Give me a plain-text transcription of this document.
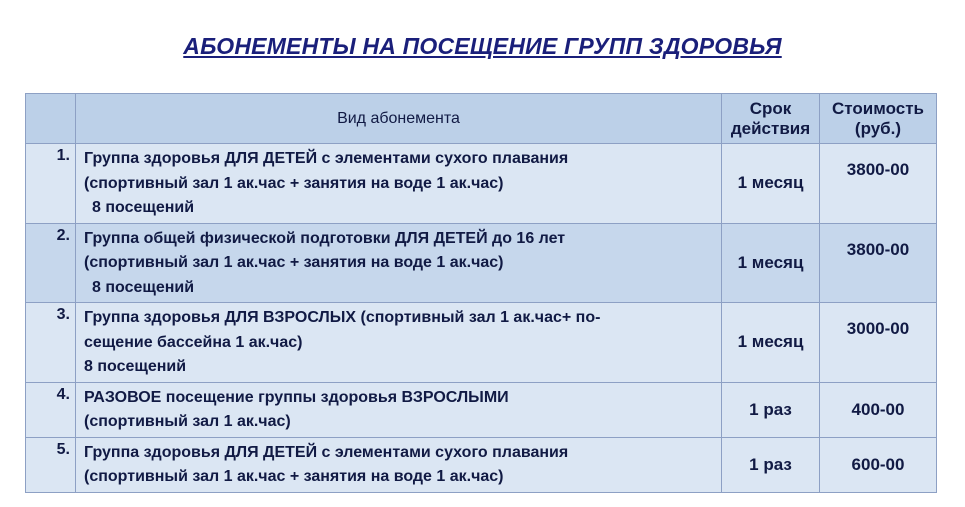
АБОНЕМЕНТЫ НА ПОСЕЩЕНИЕ ГРУПП ЗДОРОВЬЯ
	Вид абонемента	Срок действия	Стоимость (руб.)
1.	Группа здоровья ДЛЯ ДЕТЕЙ с элементами сухого плавания
(спортивный зал 1 ак.час + занятия на воде 1 ак.час)
8 посещений	1 месяц	3800-00
2.	Группа общей физической подготовки ДЛЯ ДЕТЕЙ до 16 лет
(спортивный зал 1 ак.час + занятия на воде 1 ак.час)
8 посещений	1 месяц	3800-00
3.	Группа здоровья ДЛЯ ВЗРОСЛЫХ (спортивный зал 1 ак.час+ по-
сещение бассейна 1 ак.час)
8 посещений	1 месяц	3000-00
4.	РАЗОВОЕ посещение группы здоровья ВЗРОСЛЫМИ
(спортивный зал 1 ак.час)	1 раз	400-00
5.	Группа здоровья ДЛЯ ДЕТЕЙ с элементами сухого плавания
(спортивный зал 1 ак.час + занятия на воде 1 ак.час)	1 раз	600-00
